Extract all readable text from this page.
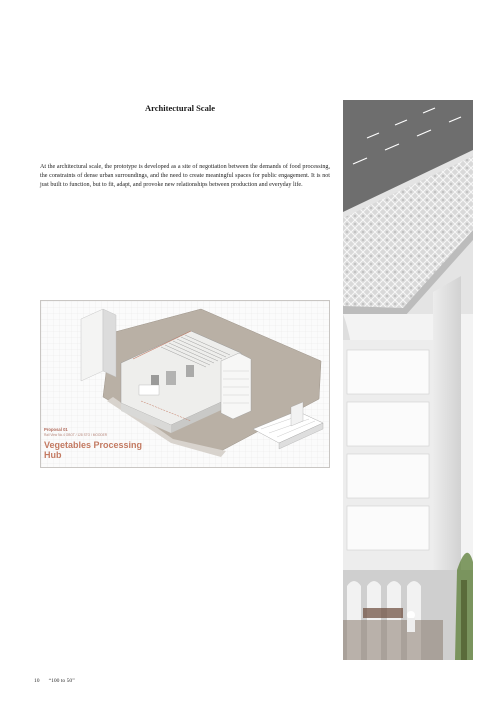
Architectural Scale
At the architectural scale, the prototype is developed as a site of negotiation between the demands of food processing, the constraints of dense urban surroundings, and the need to create meaningful spaces for public engagement. It is not just built to function, but to fit, adapt, and provoke new relationships between production and everyday life.
Proposal 01
Rail View No.4 OBOT / 128 STO / MOODER
Vegetables Processing Hub
10 “100 to 50”
